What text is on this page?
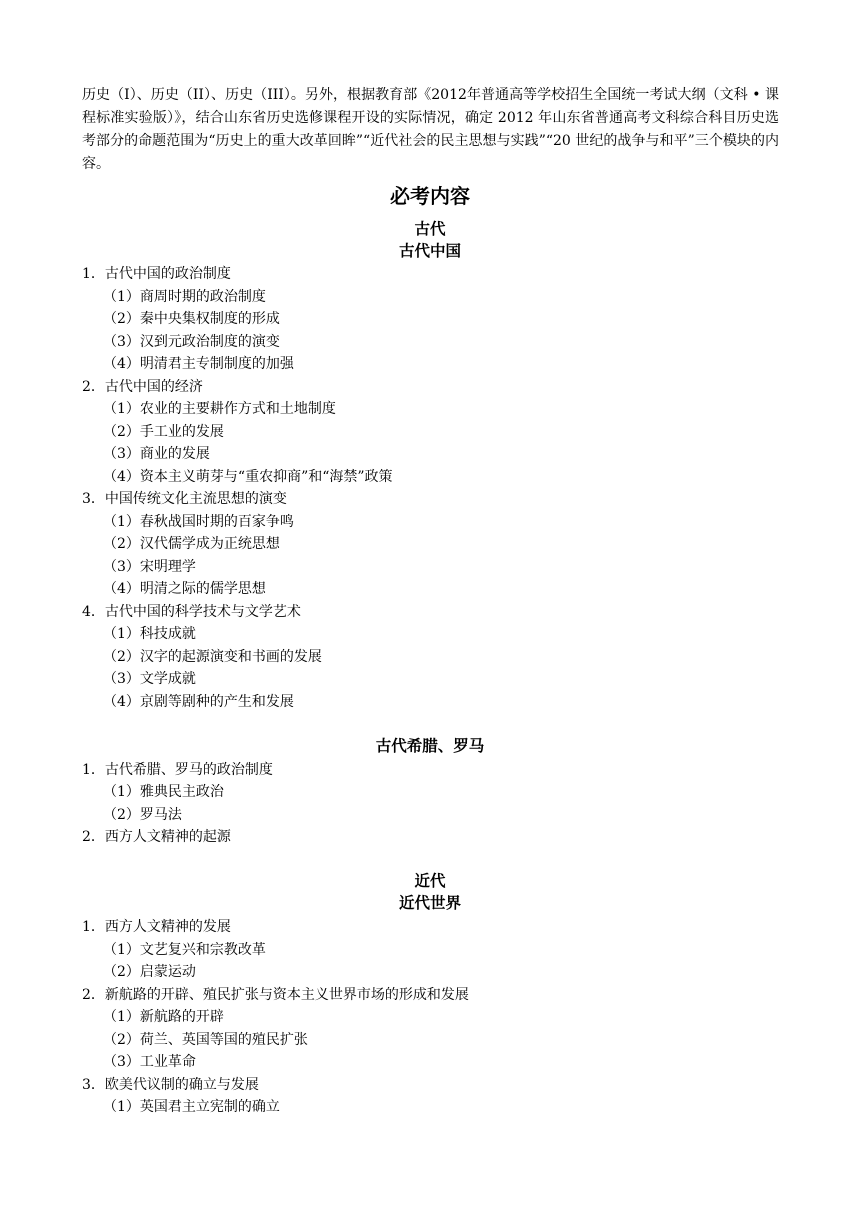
历史（I）、历史（II）、历史（III）。另外，根据教育部《2012年普通高等学校招生全国统一考试大纲（文科 • 课程标准实验版）》，结合山东省历史选修课程开设的实际情况，确定 2012 年山东省普通高考文科综合科目历史选考部分的命题范围为“历史上的重大改革回眸”“近代社会的民主思想与实践”“20 世纪的战争与和平”三个模块的内容。

必考内容
古代
古代中国
1．古代中国的政治制度
（1）商周时期的政治制度
（2）秦中央集权制度的形成
（3）汉到元政治制度的演变
（4）明清君主专制制度的加强
2．古代中国的经济
（1）农业的主要耕作方式和土地制度
（2）手工业的发展
（3）商业的发展
（4）资本主义萌芽与“重农抑商”和“海禁”政策
3．中国传统文化主流思想的演变
（1）春秋战国时期的百家争鸣
（2）汉代儒学成为正统思想
（3）宋明理学
（4）明清之际的儒学思想
4．古代中国的科学技术与文学艺术
（1）科技成就
（2）汉字的起源演变和书画的发展
（3）文学成就
（4）京剧等剧种的产生和发展
古代希腊、罗马
1．古代希腊、罗马的政治制度
（1）雅典民主政治
（2）罗马法
2．西方人文精神的起源
近代
近代世界
1．西方人文精神的发展
（1）文艺复兴和宗教改革
（2）启蒙运动
2．新航路的开辟、殖民扩张与资本主义世界市场的形成和发展
（1）新航路的开辟
（2）荷兰、英国等国的殖民扩张
（3）工业革命
3．欧美代议制的确立与发展
（1）英国君主立宪制的确立
